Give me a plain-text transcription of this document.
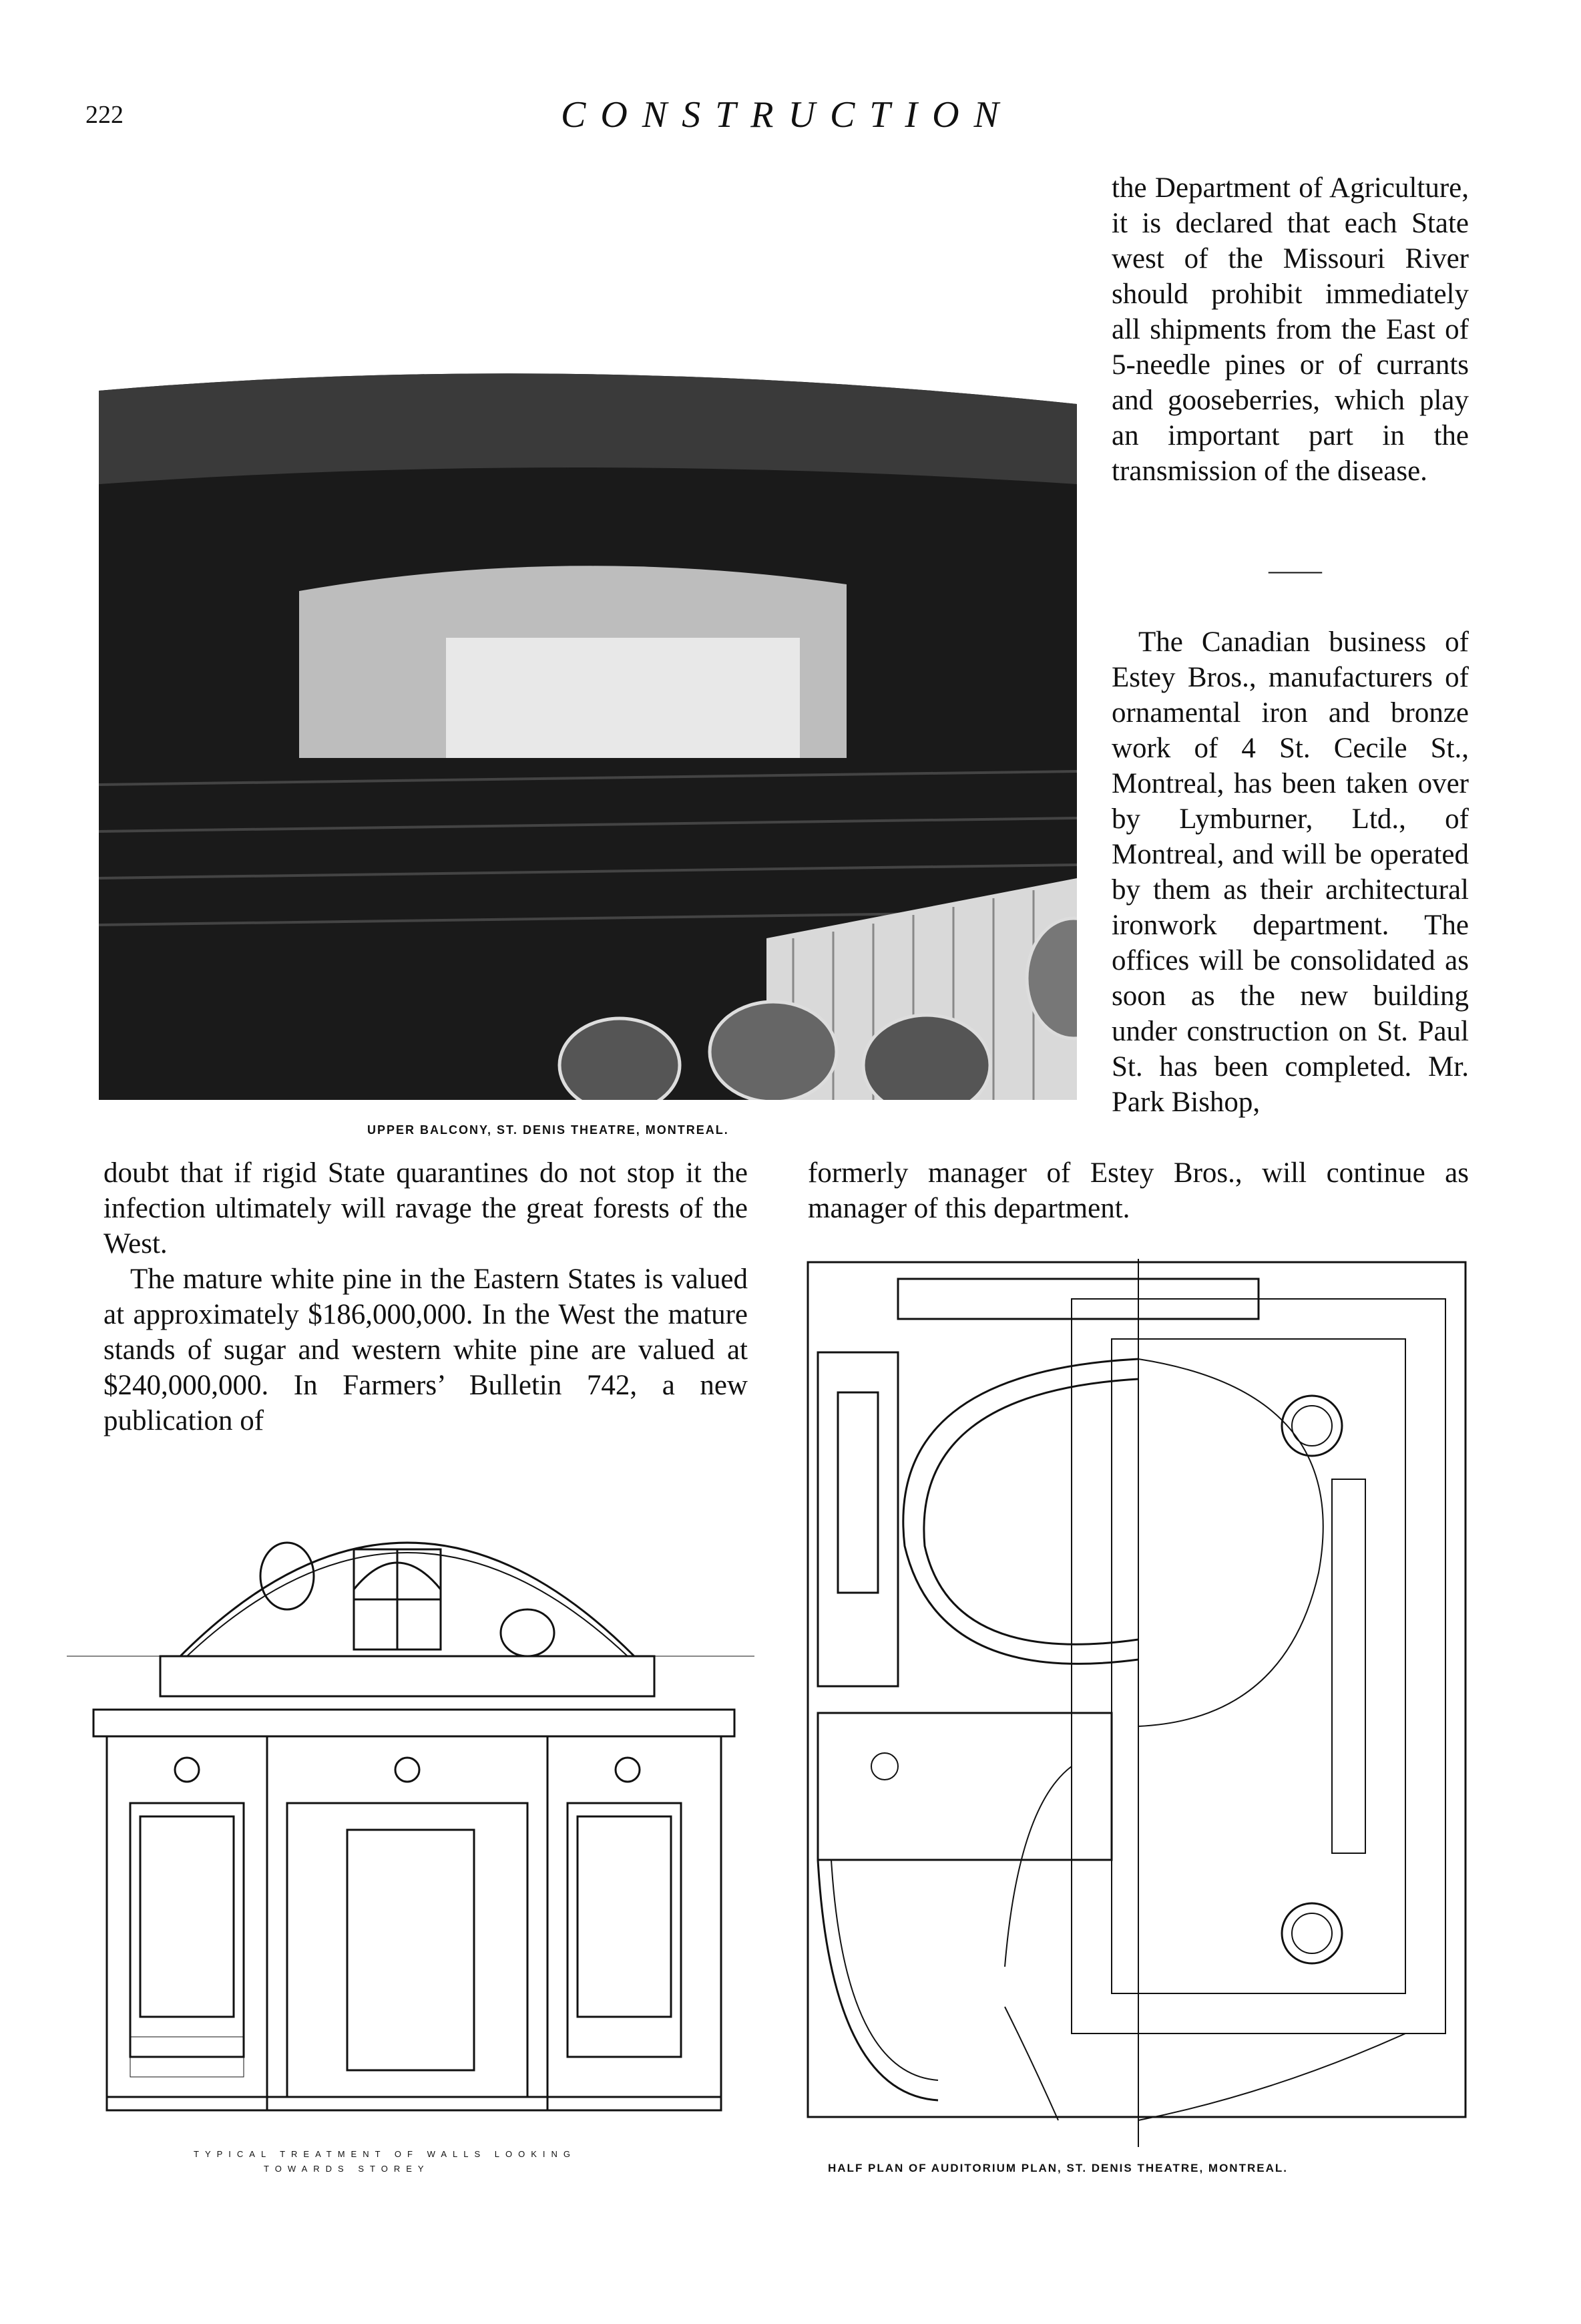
222	CONSTRUCTION
UPPER BALCONY, ST. DENIS THEATRE, MONTREAL.

the Department of Agriculture, it is declared that each State west of the Missouri River should prohibit immediately all shipments from the East of 5-needle pines or of currants and gooseberries, which play an important part in the transmission of the disease.

——

The Canadian business of Estey Bros., manufacturers of ornamental iron and bronze work of 4 St. Cecile St., Montreal, has been taken over by Lymburner, Ltd., of Montreal, and will be operated by them as their architectural ironwork department. The offices will be consolidated as soon as the new building under construction on St. Paul St. has been completed. Mr. Park Bishop,

formerly manager of Estey Bros., will continue as manager of this department.

doubt that if rigid State quarantines do not stop it the infection ultimately will ravage the great forests of the West.

The mature white pine in the Eastern States is valued at approximately $186,000,000. In the West the mature stands of sugar and western white pine are valued at $240,000,000. In Farmers’ Bulletin 742, a new publication of

TYPICAL TREATMENT OF WALLS LOOKING
TOWARDS STOREY	HALF PLAN OF AUDITORIUM PLAN, ST. DENIS THEATRE, MONTREAL.
